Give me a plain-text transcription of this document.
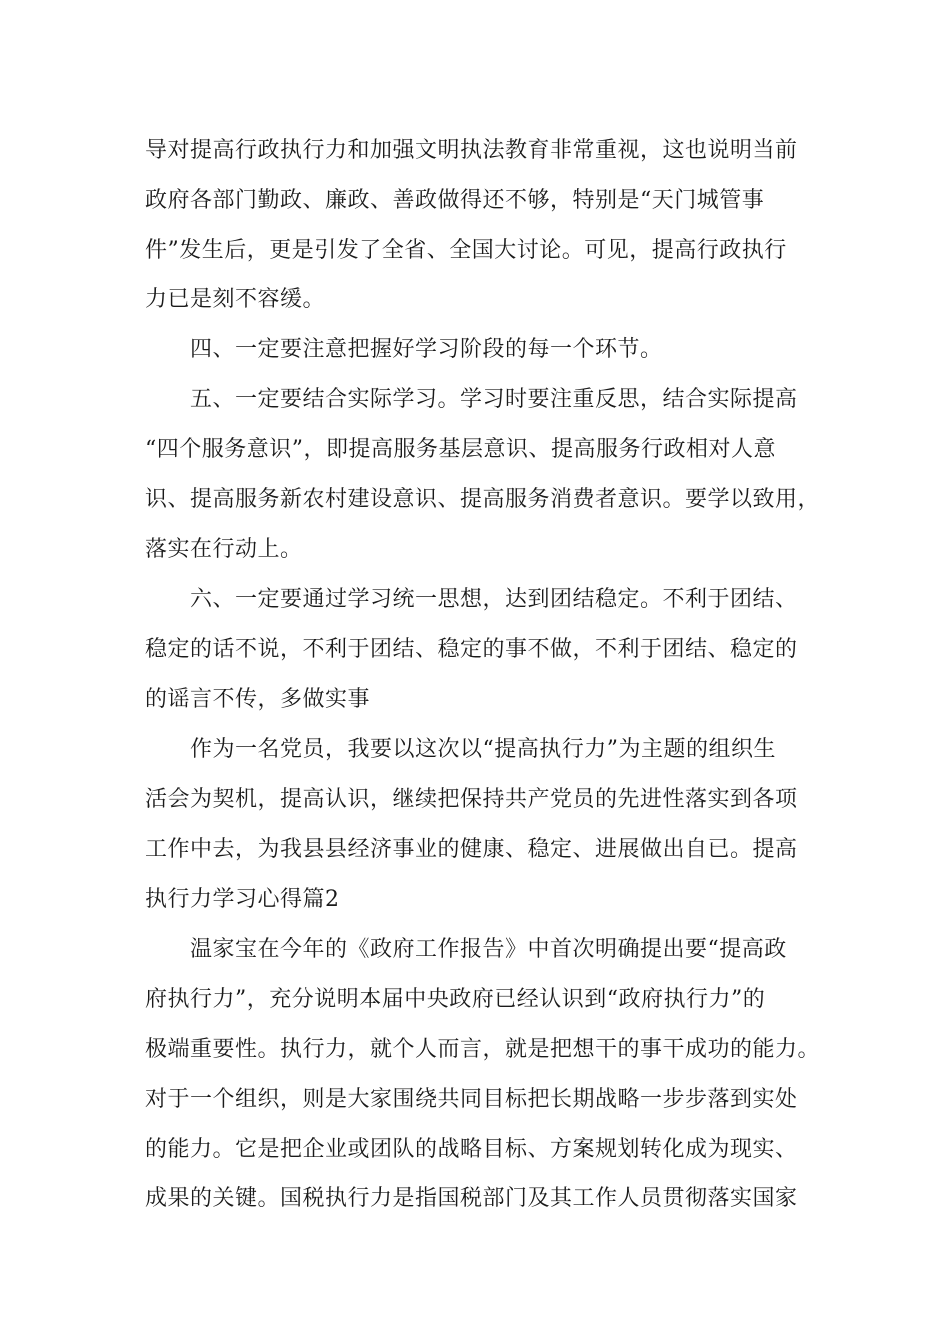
导对提高行政执行力和加强文明执法教育非常重视，这也说明当前
政府各部门勤政、廉政、善政做得还不够，特别是“天门城管事
件”发生后，更是引发了全省、全国大讨论。可见，提高行政执行
力已是刻不容缓。
四、一定要注意把握好学习阶段的每一个环节。
五、一定要结合实际学习。学习时要注重反思，结合实际提高
“四个服务意识”，即提高服务基层意识、提高服务行政相对人意
识、提高服务新农村建设意识、提高服务消费者意识。要学以致用，
落实在行动上。
六、一定要通过学习统一思想，达到团结稳定。不利于团结、
稳定的话不说，不利于团结、稳定的事不做，不利于团结、稳定的
的谣言不传，多做实事
作为一名党员，我要以这次以“提高执行力”为主题的组织生
活会为契机，提高认识，继续把保持共产党员的先进性落实到各项
工作中去，为我县县经济事业的健康、稳定、进展做出自已。提高
执行力学习心得篇2
温家宝在今年的《政府工作报告》中首次明确提出要“提高政
府执行力”，充分说明本届中央政府已经认识到“政府执行力”的
极端重要性。执行力，就个人而言，就是把想干的事干成功的能力。
对于一个组织，则是大家围绕共同目标把长期战略一步步落到实处
的能力。它是把企业或团队的战略目标、方案规划转化成为现实、
成果的关键。国税执行力是指国税部门及其工作人员贯彻落实国家
